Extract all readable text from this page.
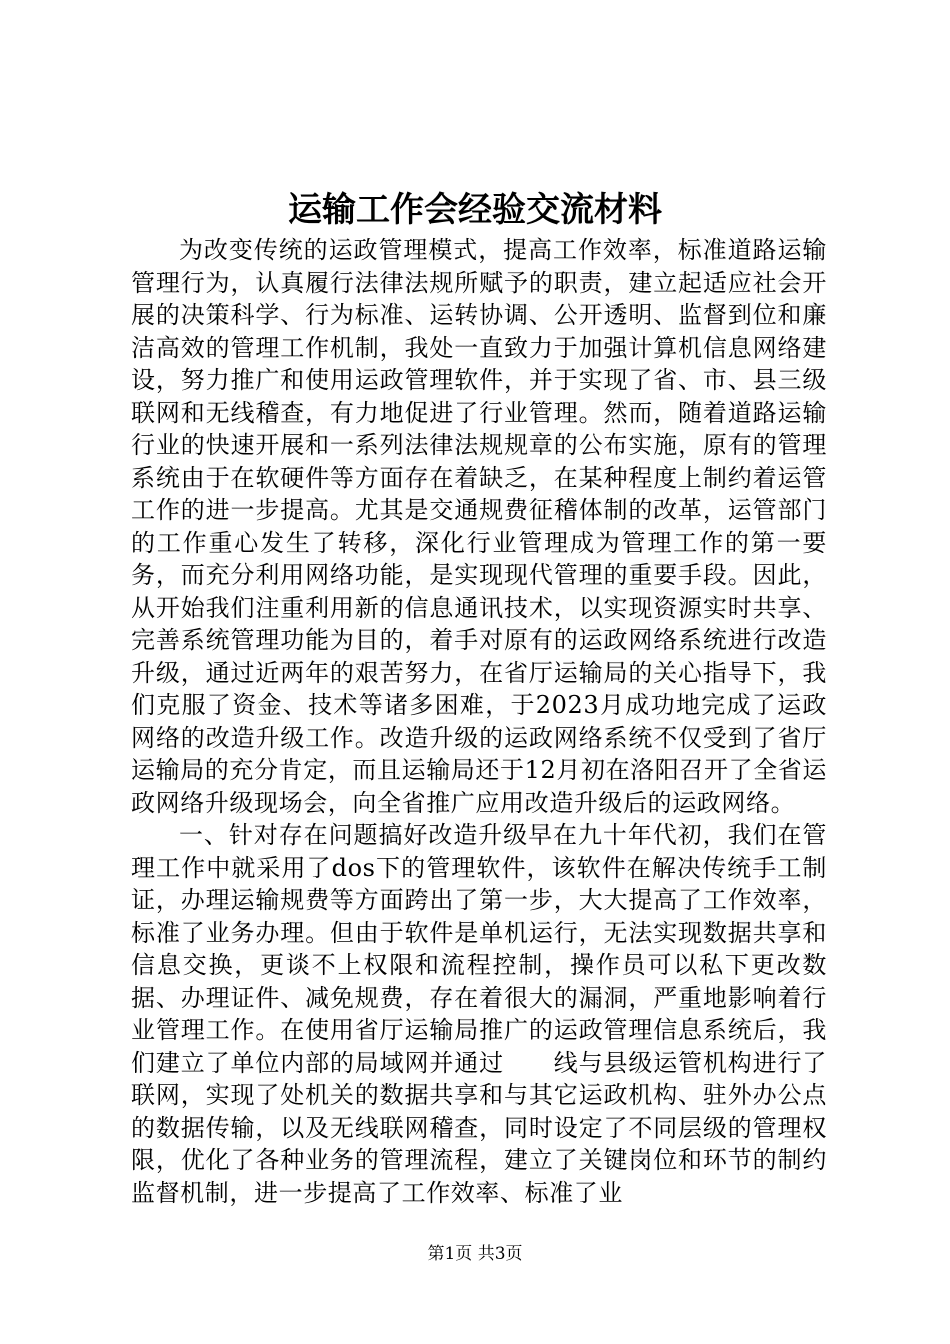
运输工作会经验交流材料

为改变传统的运政管理模式，提高工作效率，标准道路运输管理行为，认真履行法律法规所赋予的职责，建立起适应社会开展的决策科学、行为标准、运转协调、公开透明、监督到位和廉洁高效的管理工作机制，我处一直致力于加强计算机信息网络建设，努力推广和使用运政管理软件，并于实现了省、市、县三级联网和无线稽查，有力地促进了行业管理。然而，随着道路运输行业的快速开展和一系列法律法规规章的公布实施，原有的管理系统由于在软硬件等方面存在着缺乏，在某种程度上制约着运管工作的进一步提高。尤其是交通规费征稽体制的改革，运管部门的工作重心发生了转移，深化行业管理成为管理工作的第一要务，而充分利用网络功能，是实现现代管理的重要手段。因此，从开始我们注重利用新的信息通讯技术，以实现资源实时共享、完善系统管理功能为目的，着手对原有的运政网络系统进行改造升级，通过近两年的艰苦努力，在省厅运输局的关心指导下，我们克服了资金、技术等诸多困难，于2023月成功地完成了运政网络的改造升级工作。改造升级的运政网络系统不仅受到了省厅运输局的充分肯定，而且运输局还于12月初在洛阳召开了全省运政网络升级现场会，向全省推广应用改造升级后的运政网络。

一、针对存在问题搞好改造升级早在九十年代初，我们在管理工作中就采用了dos下的管理软件，该软件在解决传统手工制证，办理运输规费等方面跨出了第一步，大大提高了工作效率，标准了业务办理。但由于软件是单机运行，无法实现数据共享和信息交换，更谈不上权限和流程控制，操作员可以私下更改数据、办理证件、减免规费，存在着很大的漏洞，严重地影响着行业管理工作。在使用省厅运输局推广的运政管理信息系统后，我们建立了单位内部的局域网并通过　　线与县级运管机构进行了联网，实现了处机关的数据共享和与其它运政机构、驻外办公点的数据传输，以及无线联网稽查，同时设定了不同层级的管理权限，优化了各种业务的管理流程，建立了关键岗位和环节的制约监督机制，进一步提高了工作效率、标准了业

第1页 共3页
